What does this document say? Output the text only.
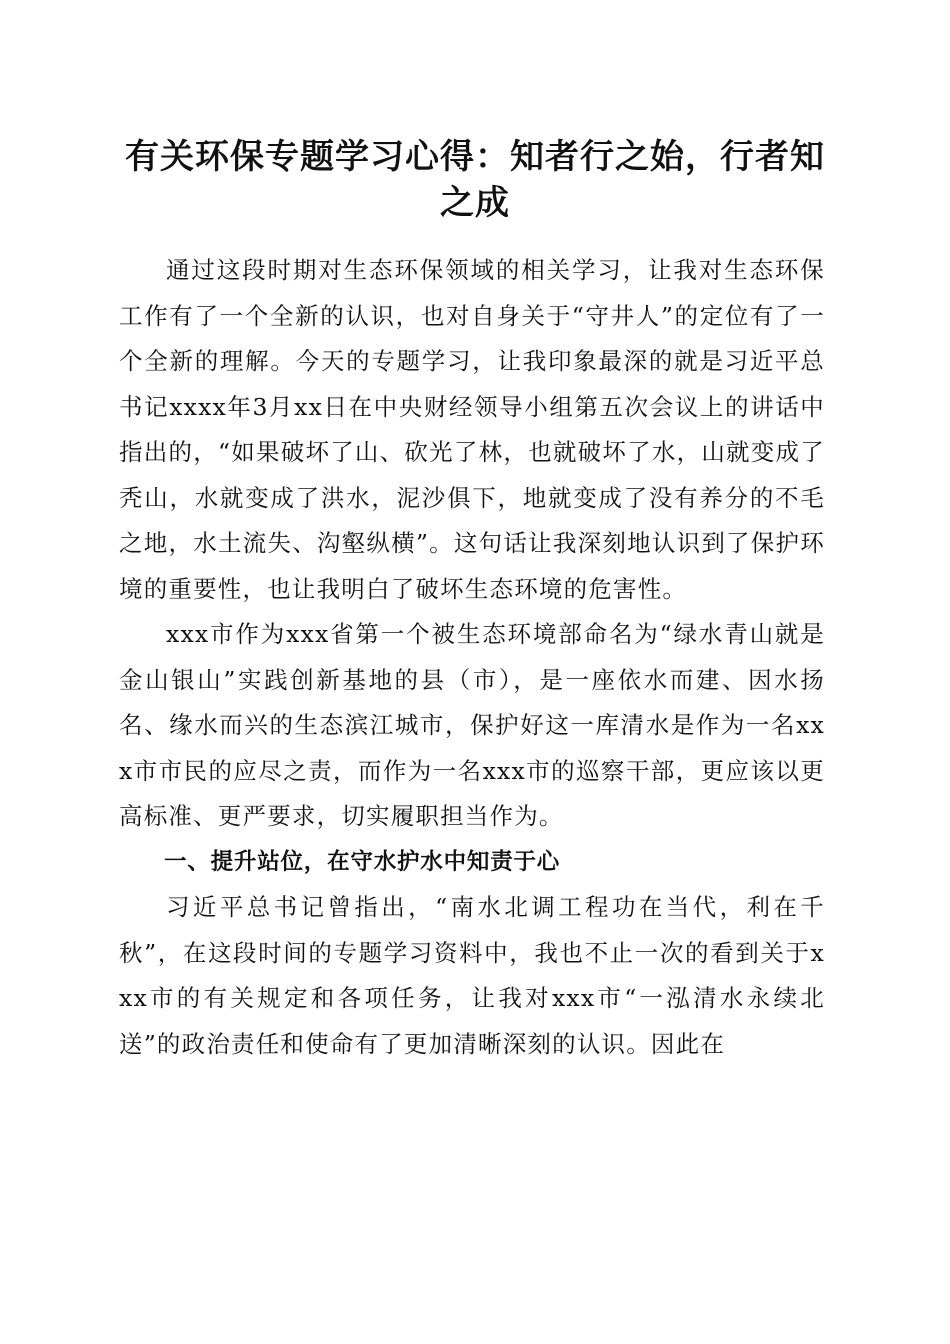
有关环保专题学习心得：知者行之始，行者知之成

通过这段时期对生态环保领域的相关学习，让我对生态环保工作有了一个全新的认识，也对自身关于“守井人”的定位有了一个全新的理解。今天的专题学习，让我印象最深的就是习近平总书记xxxx年3月xx日在中央财经领导小组第五次会议上的讲话中指出的，“如果破坏了山、砍光了林，也就破坏了水，山就变成了秃山，水就变成了洪水，泥沙俱下，地就变成了没有养分的不毛之地，水土流失、沟壑纵横”。这句话让我深刻地认识到了保护环境的重要性，也让我明白了破坏生态环境的危害性。

xxx市作为xxx省第一个被生态环境部命名为“绿水青山就是金山银山”实践创新基地的县（市），是一座依水而建、因水扬名、缘水而兴的生态滨江城市，保护好这一库清水是作为一名xxx市市民的应尽之责，而作为一名xxx市的巡察干部，更应该以更高标准、更严要求，切实履职担当作为。

一、提升站位，在守水护水中知责于心

习近平总书记曾指出，“南水北调工程功在当代，利在千秋”，在这段时间的专题学习资料中，我也不止一次的看到关于xxx市的有关规定和各项任务，让我对xxx市“一泓清水永续北送”的政治责任和使命有了更加清晰深刻的认识。因此在
